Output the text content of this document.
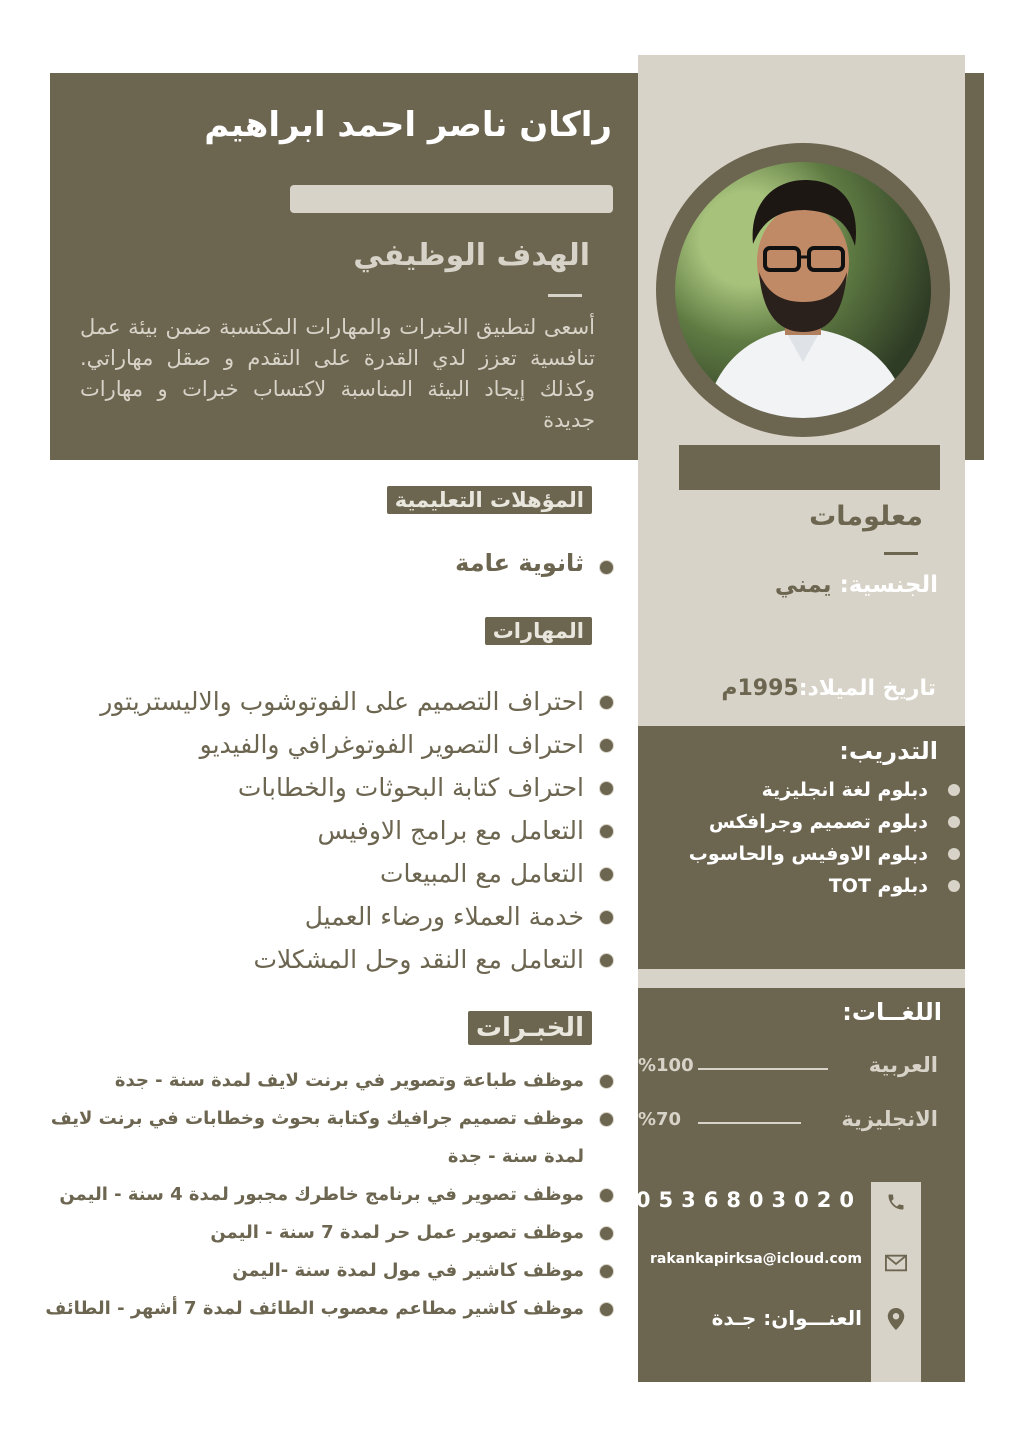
راكان ناصر احمد ابراهيم
الهدف الوظيفي
أسعى لتطبيق الخبرات والمهارات المكتسبة ضمن بيئة عمل تنافسية تعزز لدي القدرة على التقدم و صقل مهاراتي. وكذلك إيجاد البيئة المناسبة لاكتساب خبرات و مهارات جديدة
المؤهلات التعليمية
ثانوية عامة
المهارات
احتراف التصميم على الفوتوشوب والاليستريتور
احتراف التصوير الفوتوغرافي والفيديو
احتراف كتابة البحوثات والخطابات
التعامل مع برامج الاوفيس
التعامل مع المبيعات
خدمة العملاء ورضاء العميل
التعامل مع النقد وحل المشكلات
الخبـرات
موظف طباعة وتصوير في برنت لايف لمدة سنة - جدة
موظف تصميم جرافيك وكتابة بحوث وخطابات في برنت لايف لمدة سنة - جدة
موظف تصوير في برنامج خاطرك مجبور لمدة 4 سنة - اليمن
موظف تصوير عمل حر لمدة 7 سنة - اليمن
موظف كاشير في مول لمدة سنة -اليمن
موظف كاشير مطاعم معصوب الطائف لمدة 7 أشهر - الطائف
معلومات
الجنسية: يمني
تاريخ الميلاد:1995م
التدريب:
دبلوم لغة انجليزية
دبلوم تصميم وجرافكس
دبلوم الاوفيس والحاسوب
دبلوم TOT
اللغــات:
العربية
%100
الانجليزية
%70
0536803020
rakankapirksa@icloud.com
العنـــوان: جـدة
